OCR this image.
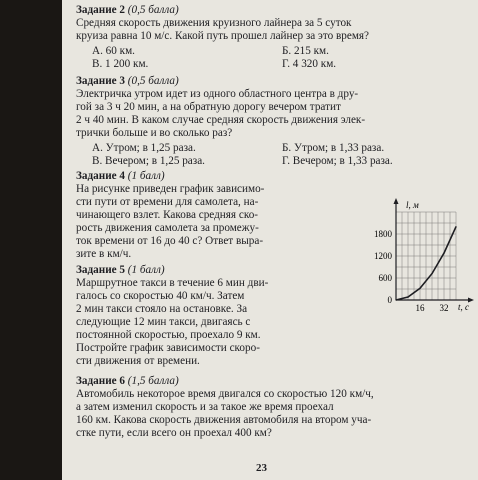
Задание 2 (0,5 балла)
Средняя скорость движения круизного лайнера за 5 суток
круиза равна 10 м/с. Какой путь прошел лайнер за это время?
А. 60 км.	Б. 215 км.
В. 1 200 км.	Г. 4 320 км.
Задание 3 (0,5 балла)
Электричка утром идет из одного областного центра в дру-
гой за 3 ч 20 мин, а на обратную дорогу вечером тратит
2 ч 40 мин. В каком случае средняя скорость движения элек-
трички больше и во сколько раз?
А. Утром; в 1,25 раза.	Б. Утром; в 1,33 раза.
В. Вечером; в 1,25 раза.	Г. Вечером; в 1,33 раза.
Задание 4 (1 балл)
На рисунке приведен график зависимо-
сти пути от времени для самолета, на-
чинающего взлет. Какова средняя ско-
рость движения самолета за промежу-
ток времени от 16 до 40 с? Ответ выра-
зите в км/ч.
l, м
t, с
1800
1200
600
0
16 32
Задание 5 (1 балл)
Маршрутное такси в течение 6 мин дви-
галось со скоростью 40 км/ч. Затем
2 мин такси стояло на остановке. За
следующие 12 мин такси, двигаясь с
постоянной скоростью, проехало 9 км.
Постройте график зависимости скоро-
сти движения от времени.
Задание 6 (1,5 балла)
Автомобиль некоторое время двигался со скоростью 120 км/ч,
а затем изменил скорость и за такое же время проехал
160 км. Какова скорость движения автомобиля на втором уча-
стке пути, если всего он проехал 400 км?
23
